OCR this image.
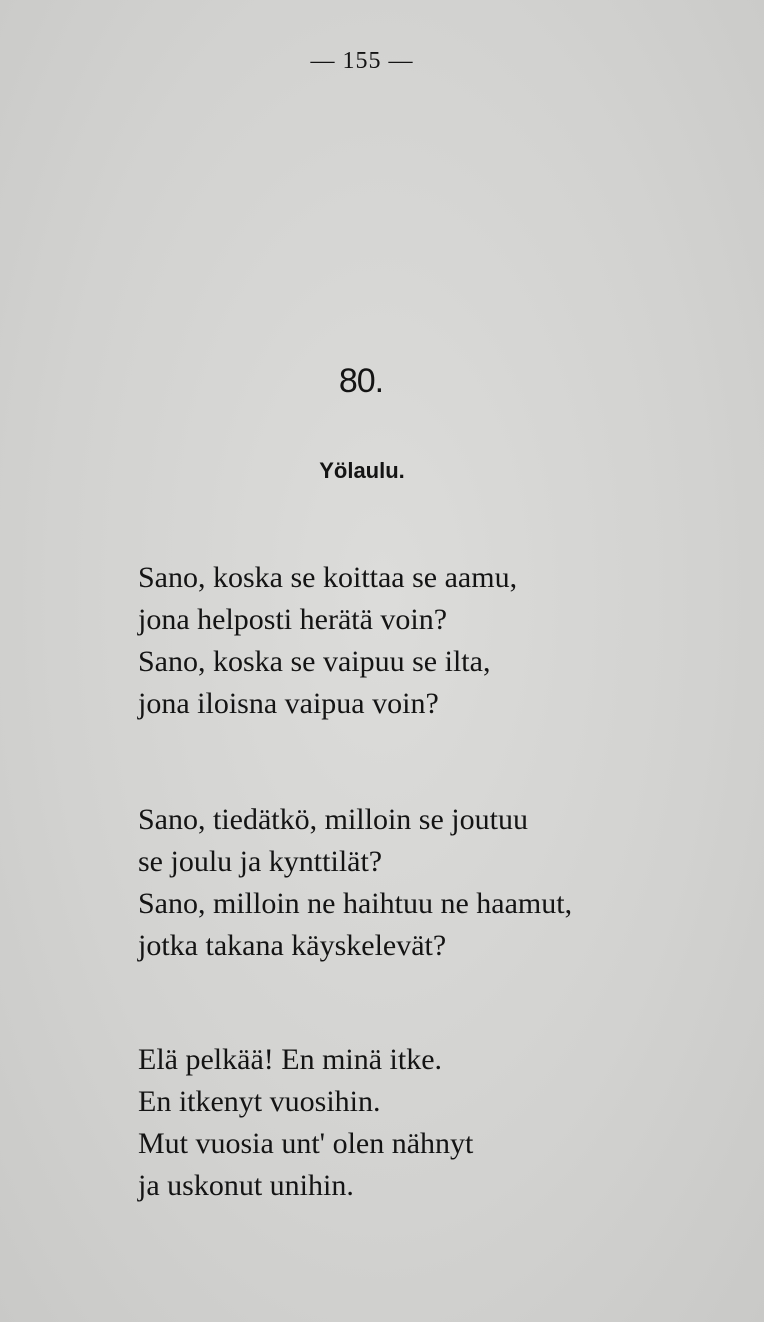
— 155 —
80.
Yölaulu.
Sano, koska se koittaa se aamu,
jona helposti herätä voin?
Sano, koska se vaipuu se ilta,
jona iloisna vaipua voin?
Sano, tiedätkö, milloin se joutuu
se joulu ja kynttilät?
Sano, milloin ne haihtuu ne haamut,
jotka takana käyskelevät?
Elä pelkää! En minä itke.
En itkenyt vuosihin.
Mut vuosia unt' olen nähnyt
ja uskonut unihin.
